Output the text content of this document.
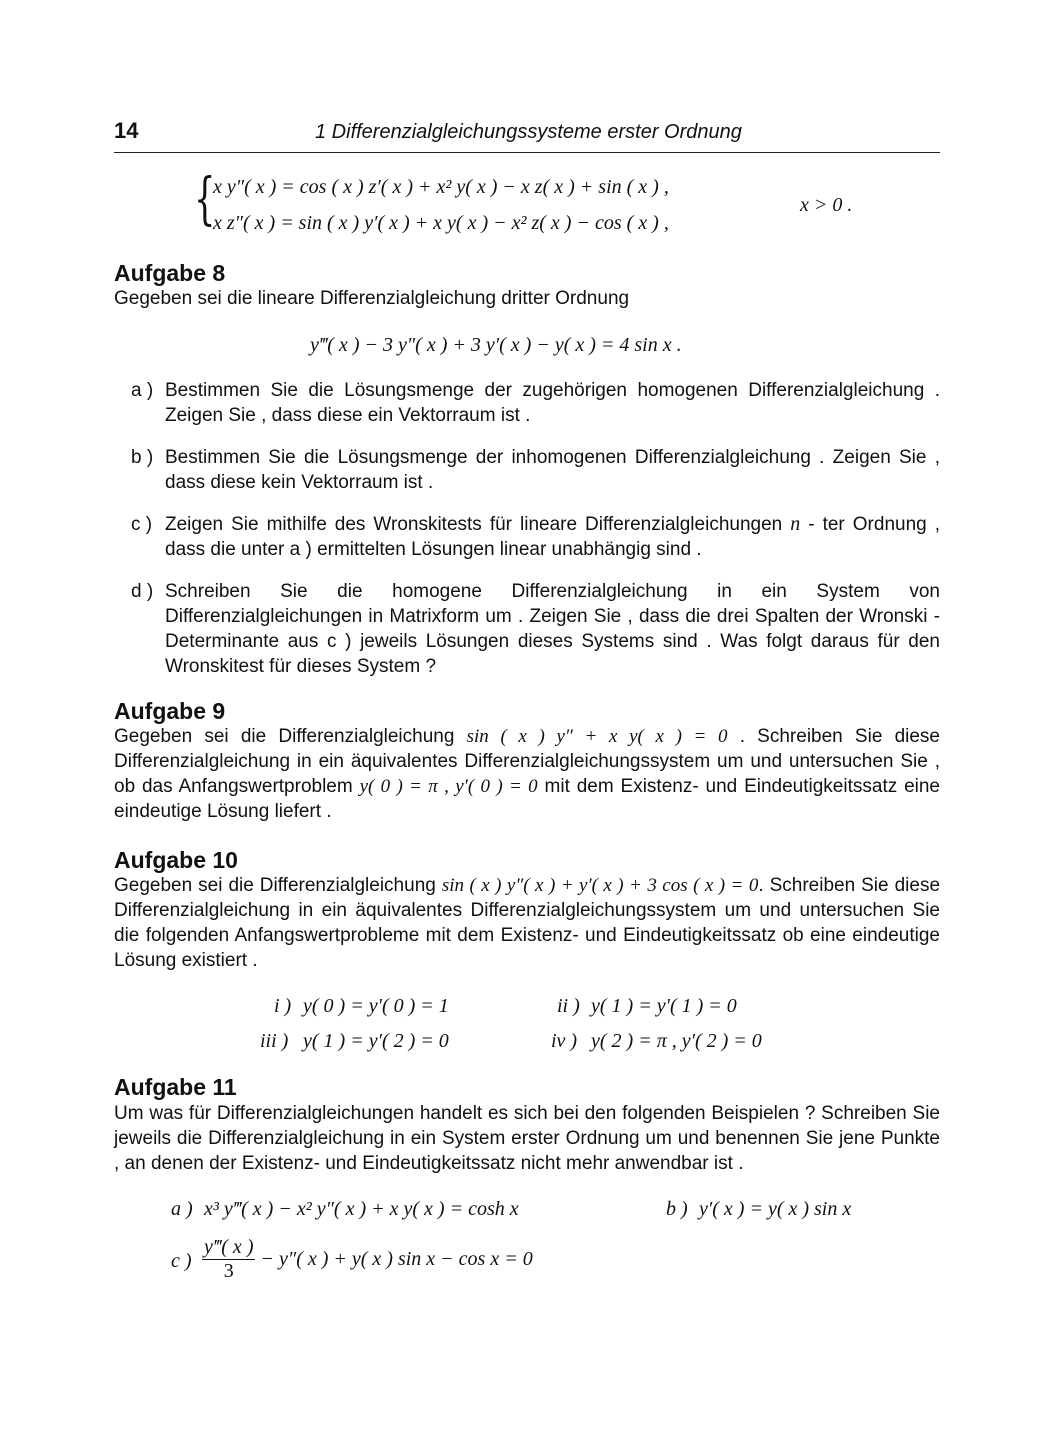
14	1 Differenzialgleichungssysteme erster Ordnung
{
x y″( x ) = cos ( x ) z′( x ) + x² y( x ) − x z( x ) + sin ( x ) ,
x z″( x ) = sin ( x ) y′( x ) + x y( x ) − x² z( x ) − cos ( x ) ,
x > 0 .
Aufgabe 8
Gegeben sei die lineare Differenzialgleichung dritter Ordnung
y‴( x ) − 3 y″( x ) + 3 y′( x ) − y( x ) = 4 sin x .
a ) Bestimmen Sie die Lösungsmenge der zugehörigen homogenen Differenzialgleichung . Zeigen Sie , dass diese ein Vektorraum ist .
b ) Bestimmen Sie die Lösungsmenge der inhomogenen Differenzialgleichung . Zeigen Sie , dass diese kein Vektorraum ist .
c ) Zeigen Sie mithilfe des Wronskitests für lineare Differenzialgleichungen n - ter Ordnung , dass die unter a ) ermittelten Lösungen linear unabhängig sind .
d ) Schreiben Sie die homogene Differenzialgleichung in ein System von Differenzialgleichungen in Matrixform um . Zeigen Sie , dass die drei Spalten der Wronski - Determinante aus c ) jeweils Lösungen dieses Systems sind . Was folgt daraus für den Wronskitest für dieses System ?
Aufgabe 9
Gegeben sei die Differenzialgleichung sin ( x ) y″ + x y( x ) = 0 . Schreiben Sie diese Differenzialgleichung in ein äquivalentes Differenzialgleichungssystem um und untersuchen Sie , ob das Anfangswertproblem y( 0 ) = π , y′( 0 ) = 0 mit dem Existenz- und Eindeutigkeitssatz eine eindeutige Lösung liefert .
Aufgabe 10
Gegeben sei die Differenzialgleichung sin ( x ) y″( x ) + y′( x ) + 3 cos ( x ) = 0. Schreiben Sie diese Differenzialgleichung in ein äquivalentes Differenzialgleichungssystem um und untersuchen Sie die folgenden Anfangswertprobleme mit dem Existenz- und Eindeutigkeitssatz ob eine eindeutige Lösung existiert .
i ) y( 0 ) = y′( 0 ) = 1	ii ) y( 1 ) = y′( 1 ) = 0
iii ) y( 1 ) = y′( 2 ) = 0	iv ) y( 2 ) = π , y′( 2 ) = 0
Aufgabe 11
Um was für Differenzialgleichungen handelt es sich bei den folgenden Beispielen ? Schreiben Sie jeweils die Differenzialgleichung in ein System erster Ordnung um und benennen Sie jene Punkte , an denen der Existenz- und Eindeutigkeitssatz nicht mehr anwendbar ist .
a ) x³ y‴( x ) − x² y″( x ) + x y( x ) = cosh x	b ) y′( x ) = y( x ) sin x
c ) $\frac{y‴( x )}{3} - y''$( x ) + y( x ) sin x − cos x = 0
